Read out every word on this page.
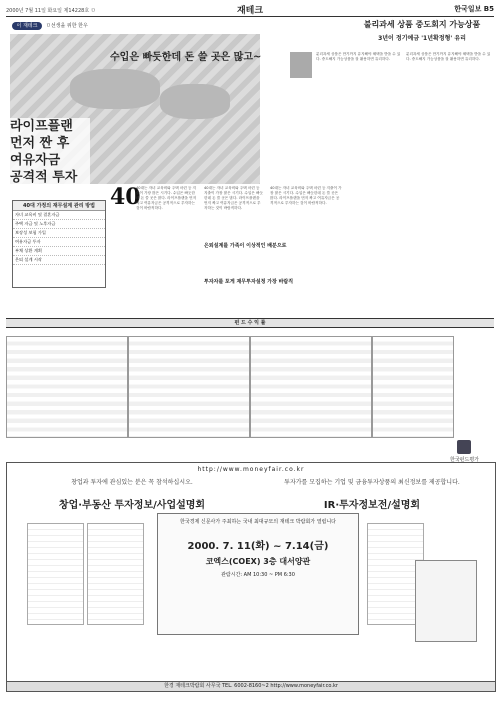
2000년 7월 11일 화요일 제14228호 ㅁ	재테크	한국일보 B5
이 재테크	ㅁ선생을 위한 한우
수입은 빠듯한데 돈 쓸 곳은 많고~
라이프플랜
먼저 짠 후
여유자금
공격적 투자
40대 가정의 재무설계 관리 방법
자녀 교육비 및 결혼자금
주택 자금 및 노후자금
보장성 보험 가입
여유자금 투자
부채 상환 계획
은퇴 설계 시작
40
40대는 자녀 교육비와 주택 마련 등 지출이 가장 많은 시기다. 수입은 빠듯한데 돈 쓸 곳은 많다. 라이프플랜을 먼저 짜고 여유자금은 공격적으로 투자하는 것이 바람직하다.
40대는 자녀 교육비와 주택 마련 등 지출이 가장 많은 시기다. 수입은 빠듯한데 돈 쓸 곳은 많다. 라이프플랜을 먼저 짜고 여유자금은 공격적으로 투자하는 것이 바람직하다.
40대는 자녀 교육비와 주택 마련 등 지출이 가장 많은 시기다. 수입은 빠듯한데 돈 쓸 곳은 많다. 라이프플랜을 먼저 짜고 여유자금은 공격적으로 투자하는 것이 바람직하다.
은퇴설계를 가족이 이상적인 배분으로
투자자를 포게 재무투자설정 가장 바람직
불리과세 상품 중도회지 가능상품
3년이 정기예금 '1년확정형' 유리
분리과세 상품은 만기까지 유지해야 혜택을 받을 수 있다. 중도해지 가능상품을 잘 활용하면 유리하다.
분리과세 상품은 만기까지 유지해야 혜택을 받을 수 있다. 중도해지 가능상품을 잘 활용하면 유리하다.
펀 드 수 익 률
한국펀드평가
http://www.moneyfair.co.kr
창업과 투자에 관심있는 분은 꼭 참석하십시오.	투자가를 모집하는 기업 및 금융투자상품의 최신정보를 제공합니다.
창업·부동산 투자정보/사업설명회	IR·투자정보전/설명회
한국경제 신문사가 주최하는 국내 최대규모의 재테크 박람회가 열립니다
2000. 7. 11(화) ~ 7.14(금)
코엑스(COEX) 3층 대서양관
관람시간: AM 10:30 ~ PM 6:30
한경 재테크박람회 사무국 TEL. 6002-8160~2 http://www.moneyfair.co.kr
